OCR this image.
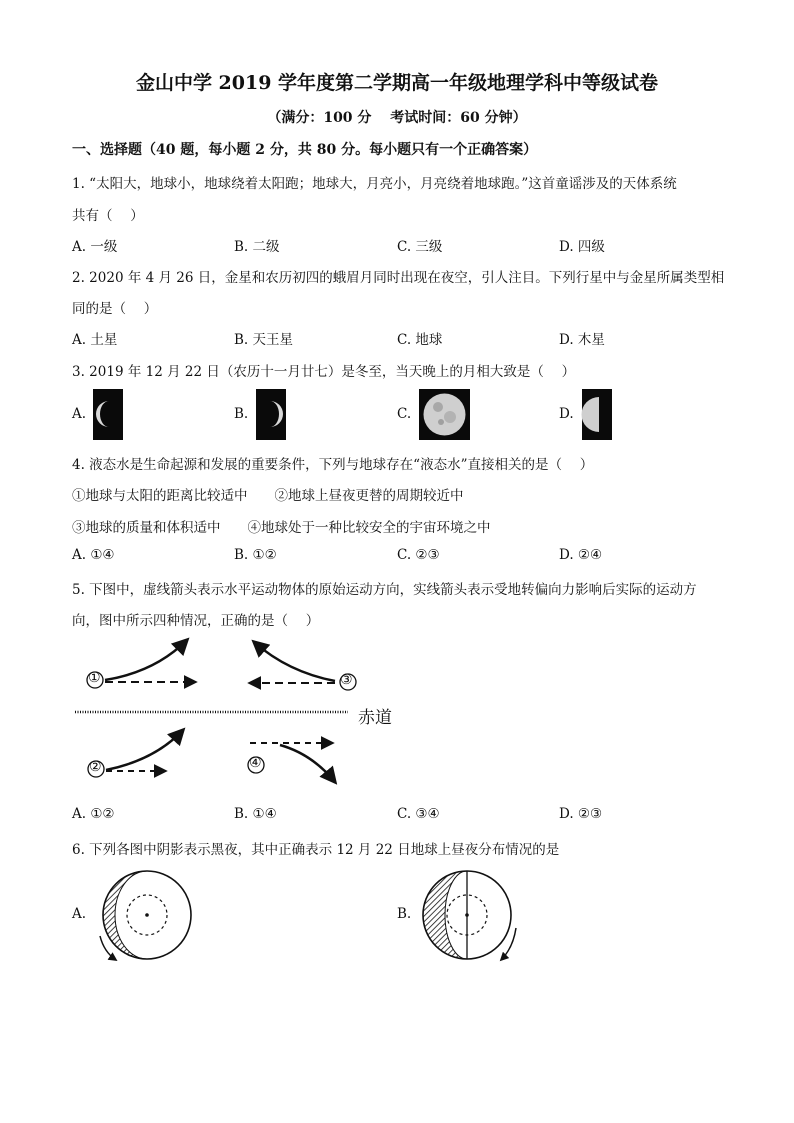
金山中学 2019 学年度第二学期高一年级地理学科中等级试卷
（满分：100 分　 考试时间：60 分钟）
一、选择题（40 题，每小题 2 分，共 80 分。每小题只有一个正确答案）
1. “太阳大，地球小，地球绕着太阳跑；地球大，月亮小，月亮绕着地球跑。”这首童谣涉及的天体系统
共有（　 ）
A. 一级	B. 二级	C. 三级	D. 四级
2. 2020 年 4 月 26 日，金星和农历初四的蛾眉月同时出现在夜空，引人注目。下列行星中与金星所属类型相
同的是（　 ）
A. 土星	B. 天王星	C. 地球	D. 木星
3. 2019 年 12 月 22 日（农历十一月廿七）是冬至，当天晚上的月相大致是（　 ）
A.	B.	C.	D.
4. 液态水是生命起源和发展的重要条件，下列与地球存在“液态水”直接相关的是（　 ）
①地球与太阳的距离比较适中　　②地球上昼夜更替的周期较近中
③地球的质量和体积适中　　④地球处于一种比较安全的宇宙环境之中
A. ①④	B. ①②	C. ②③	D. ②④
5. 下图中，虚线箭头表示水平运动物体的原始运动方向，实线箭头表示受地转偏向力影响后实际的运动方
向，图中所示四种情况，正确的是（　 ）
①	③
②	④
赤道
A. ①②	B. ①④	C. ③④	D. ②③
6. 下列各图中阴影表示黑夜，其中正确表示 12 月 22 日地球上昼夜分布情况的是
A.	B.
